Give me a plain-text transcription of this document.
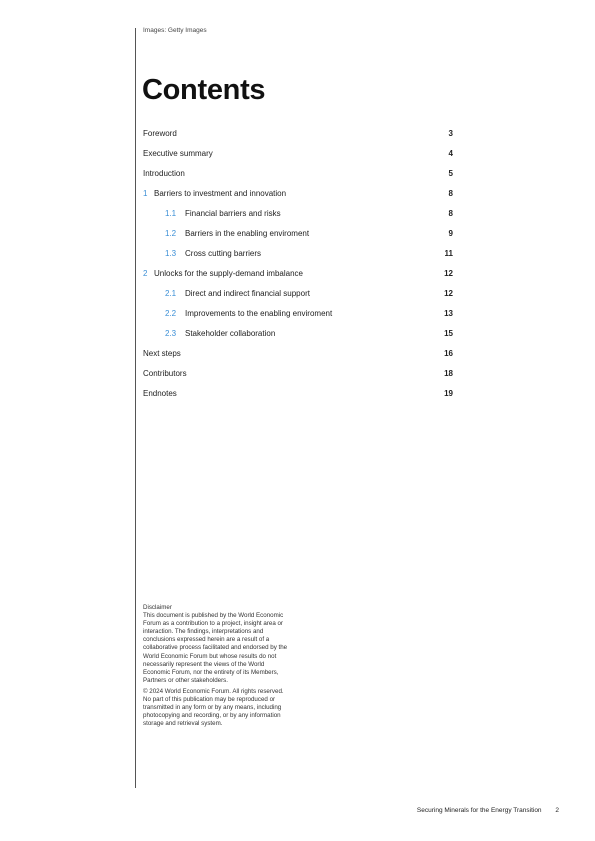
Images: Getty Images
Contents
Foreword	3
Executive summary	4
Introduction	5
1 Barriers to investment and innovation	8
1.1	Financial barriers and risks	8
1.2	Barriers in the enabling enviroment	9
1.3	Cross cutting barriers	11
2 Unlocks for the supply-demand imbalance	12
2.1	Direct and indirect financial support	12
2.2	Improvements to the enabling enviroment	13
2.3	Stakeholder collaboration	15
Next steps	16
Contributors	18
Endnotes	19

Disclaimer
This document is published by the World Economic Forum as a contribution to a project, insight area or interaction. The findings, interpretations and conclusions expressed herein are a result of a collaborative process facilitated and endorsed by the World Economic Forum but whose results do not necessarily represent the views of the World Economic Forum, nor the entirety of its Members, Partners or other stakeholders.

© 2024 World Economic Forum. All rights reserved. No part of this publication may be reproduced or transmitted in any form or by any means, including photocopying and recording, or by any information storage and retrieval system.

Securing Minerals for the Energy Transition 2
